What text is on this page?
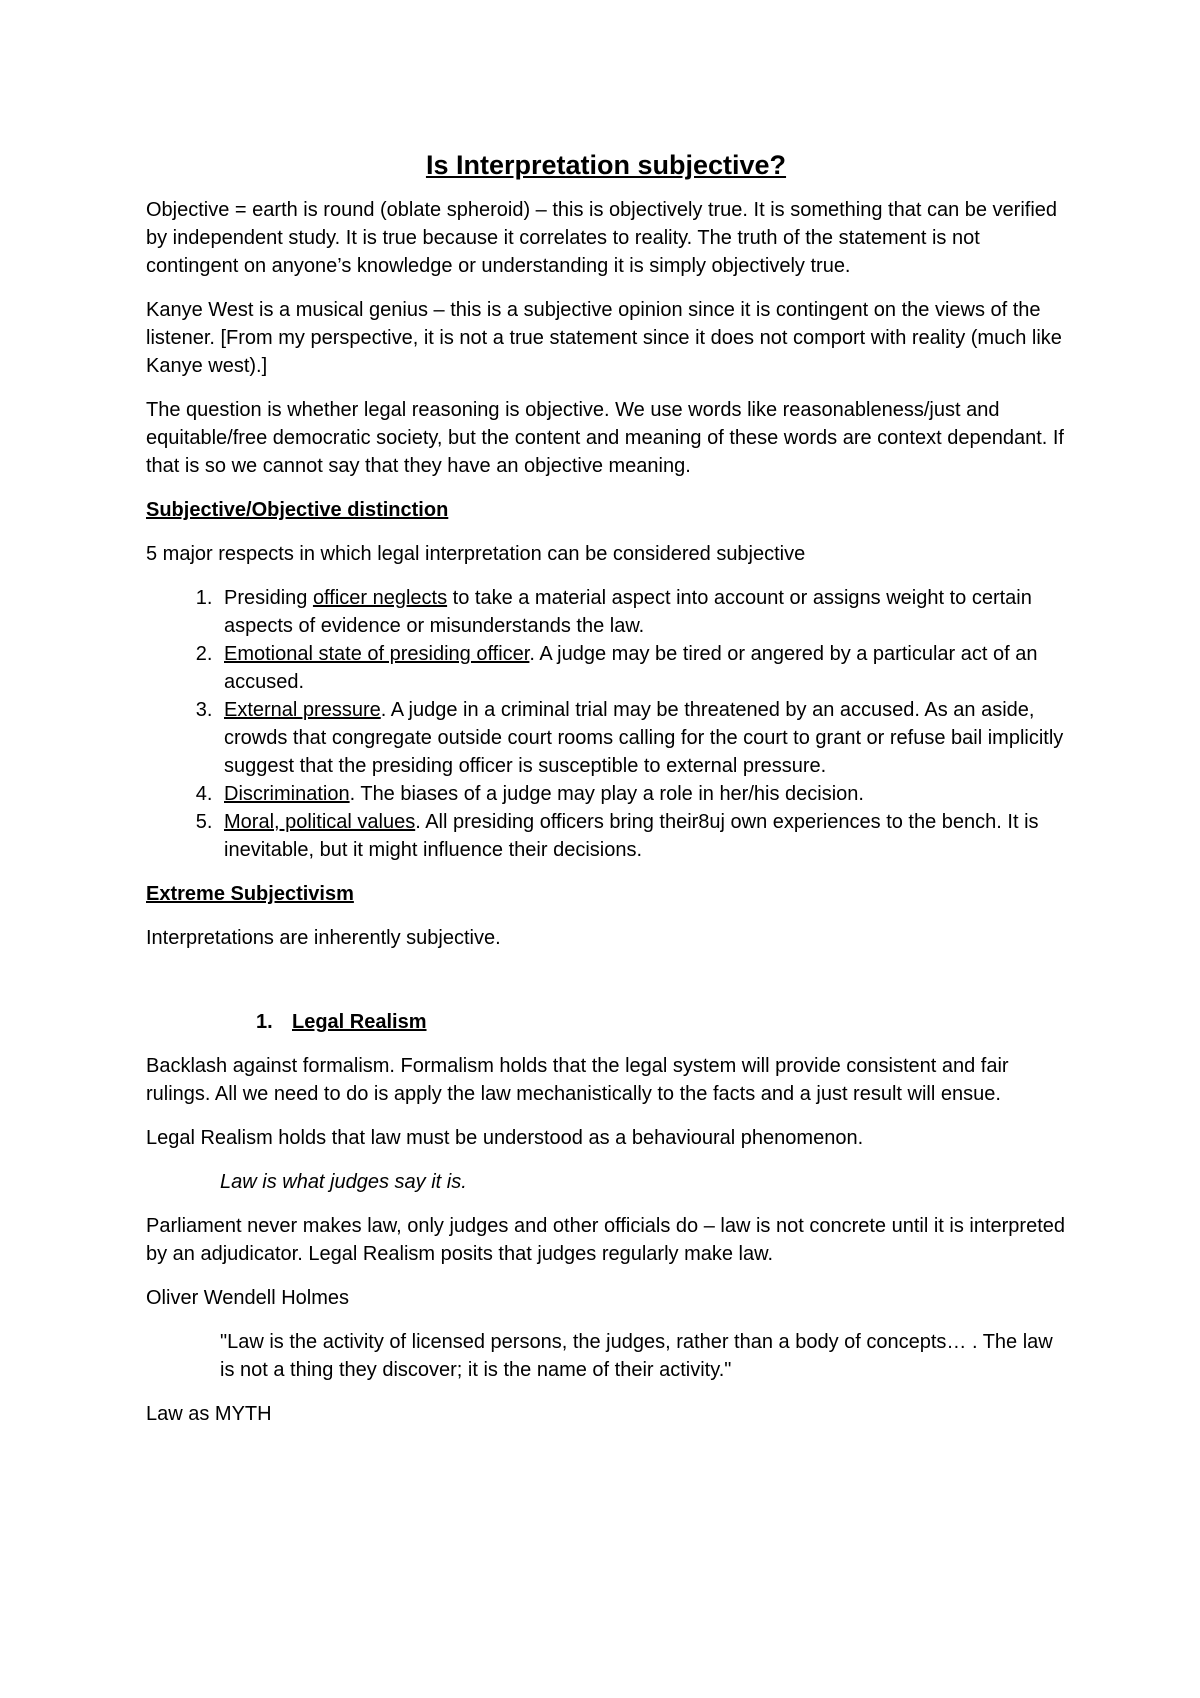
Is Interpretation subjective?

Objective = earth is round (oblate spheroid) – this is objectively true. It is something that can be verified by independent study. It is true because it correlates to reality. The truth of the statement is not contingent on anyone’s knowledge or understanding it is simply objectively true.

Kanye West is a musical genius – this is a subjective opinion since it is contingent on the views of the listener. [From my perspective, it is not a true statement since it does not comport with reality (much like Kanye west).]

The question is whether legal reasoning is objective. We use words like reasonableness/just and equitable/free democratic society, but the content and meaning of these words are context dependant. If that is so we cannot say that they have an objective meaning.

Subjective/Objective distinction

5 major respects in which legal interpretation can be considered subjective

1. Presiding officer neglects to take a material aspect into account or assigns weight to certain aspects of evidence or misunderstands the law.
2. Emotional state of presiding officer. A judge may be tired or angered by a particular act of an accused.
3. External pressure. A judge in a criminal trial may be threatened by an accused. As an aside, crowds that congregate outside court rooms calling for the court to grant or refuse bail implicitly suggest that the presiding officer is susceptible to external pressure.
4. Discrimination. The biases of a judge may play a role in her/his decision.
5. Moral, political values. All presiding officers bring their8uj own experiences to the bench. It is inevitable, but it might influence their decisions.
Extreme Subjectivism

Interpretations are inherently subjective.

1. Legal Realism

Backlash against formalism. Formalism holds that the legal system will provide consistent and fair rulings. All we need to do is apply the law mechanistically to the facts and a just result will ensue.

Legal Realism holds that law must be understood as a behavioural phenomenon.

Law is what judges say it is.

Parliament never makes law, only judges and other officials do – law is not concrete until it is interpreted by an adjudicator. Legal Realism posits that judges regularly make law.

Oliver Wendell Holmes

"Law is the activity of licensed persons, the judges, rather than a body of concepts… . The law is not a thing they discover; it is the name of their activity."

Law as MYTH
